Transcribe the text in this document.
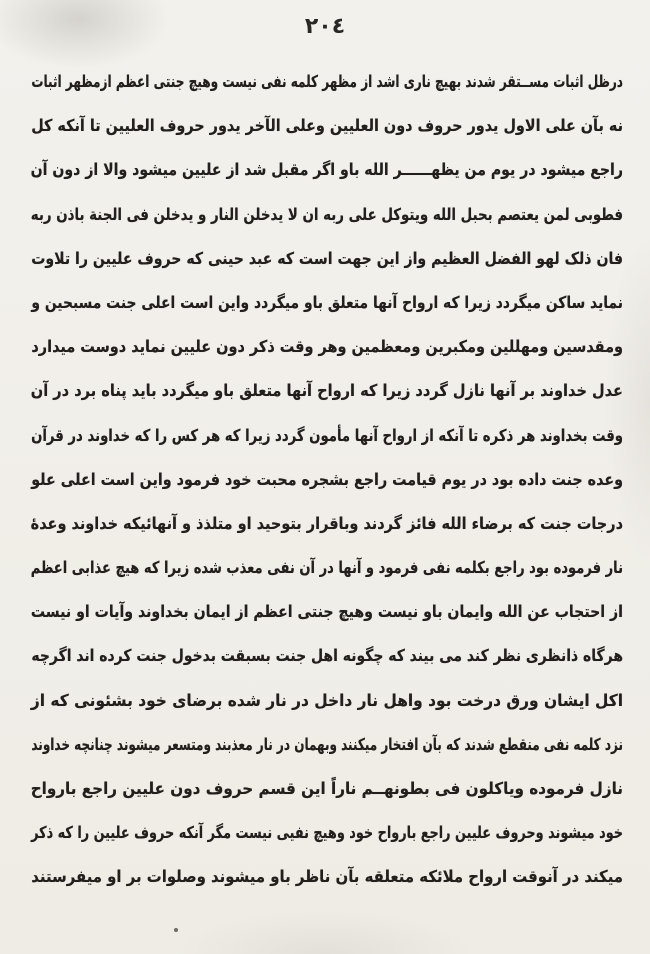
٢٠٤
درظل اثبات مســتقر شدند بهیچ ناری اشد از مظهر کلمه نفی نیست وهیچ جنتی اعظم ازمظهر اثبات
نه بآن علی الاول یدور حروف دون العلیین وعلی الآخر یدور حروف العلیین تا آنکه کل
راجع میشود در یوم من یظهــــــر الله باو اگر مقبل شد از علیین میشود والا از دون آن
فطوبی لمن یعتصم بحبل الله ویتوکل علی ربه ان لا یدخلن النار و یدخلن فی الجنة باذن ربه
فان ذلک لهو الفضل العظیم واز این جهت است که عبد حینی که حروف علیین را تلاوت
نماید ساکن میگردد زیرا که ارواح آنها متعلق باو میگردد واین است اعلی جنت مسبحین و
ومقدسین ومهللین ومکبرین ومعظمین وهر وقت ذکر دون علیین نماید دوست میدارد
عدل خداوند بر آنها نازل گردد زیرا که ارواح آنها متعلق باو میگردد باید پناه برد در آن
وقت بخداوند هر ذکره تا آنکه از ارواح آنها مأمون گردد زیرا که هر کس را که خداوند در قرآن
وعده جنت داده بود در یوم قیامت راجع بشجره محبت خود فرمود واین است اعلی علو
درجات جنت که برضاء الله فائز گردند وباقرار بتوحید او متلذذ و آنهائیکه خداوند وعدهٔ
نار فرموده بود راجع بکلمه نفی فرمود و آنها در آن نفی معذب شده زیرا که هیچ عذابی اعظم
از احتجاب عن الله وایمان باو نیست وهیچ جنتی اعظم از ایمان بخداوند وآیات او نیست
هرگاه ذانظری نظر کند می بیند که چگونه اهل جنت بسبقت بدخول جنت کرده اند اگرچه
اکل ایشان ورق درخت بود واهل نار داخل در نار شده برضای خود بشئونی که از
نزد کلمه نفی منقطع شدند که بآن افتخار میکنند وبهمان در نار معذبند ومتسعر میشوند چنانچه خداوند
نازل فرموده ویاکلون فی بطونهــم ناراً این قسم حروف دون علیین راجع بارواح
خود میشوند وحروف علیین راجع بارواح خود وهیچ نفیی نیست مگر آنکه حروف علیین را که ذکر
میکند در آنوقت ارواح ملائکه متعلقه بآن ناظر باو میشوند وصلوات بر او میفرستند
